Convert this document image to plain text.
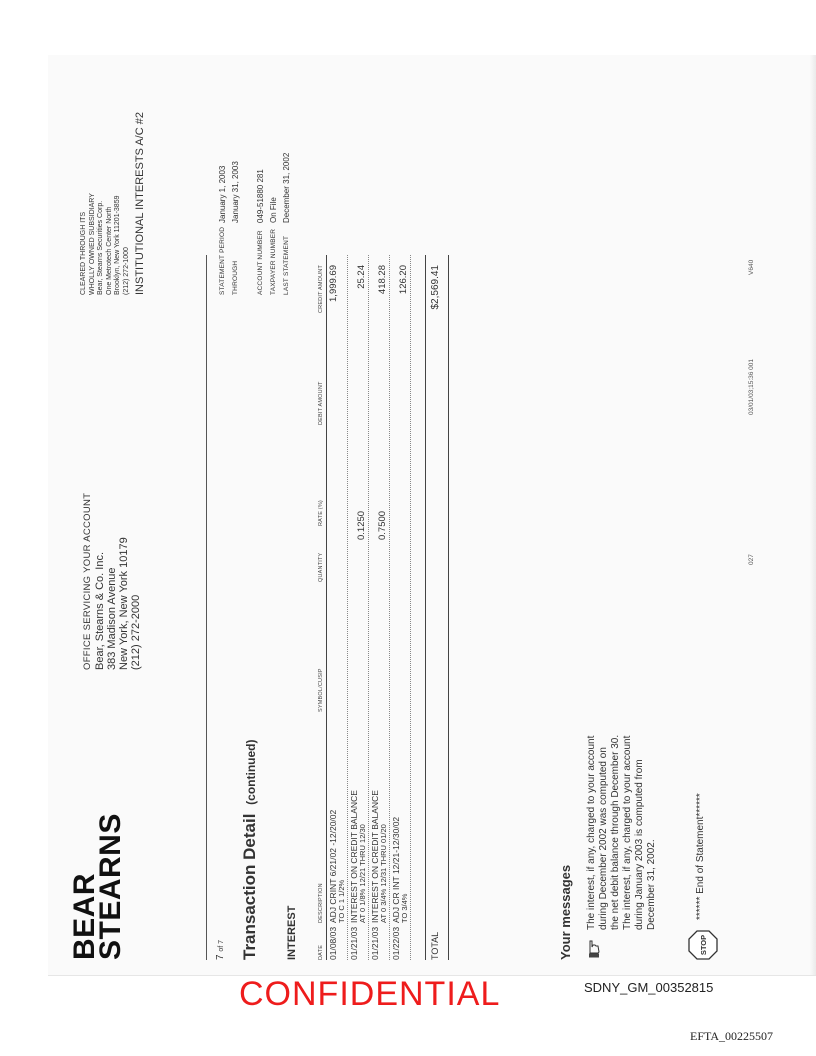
BEAR
STEARNS
OFFICE SERVICING YOUR ACCOUNT Bear, Stearns & Co. Inc. 383 Madison Avenue New York, New York 10179 (212) 272-2000
CLEARED THROUGH ITS WHOLLY OWNED SUBSIDIARY Bear, Stearns Securities Corp. One Metrotech Center North Brooklyn, New York 11201-3859 (212) 272-1000 INSTITUTIONAL INTERESTS A/C #2
7 of 7 Transaction Detail (continued)
STATEMENT PERIOD
January 1, 2003
THROUGH
January 31, 2003
ACCOUNT NUMBER
049-51880 281
TAXPAYER NUMBER
On File
LAST STATEMENT
December 31, 2002
INTEREST	DATE
DESCRIPTION
SYMBOL/CUSIP
QUANTITY
RATE (%)
DEBIT AMOUNT
CREDIT AMOUNT
01/08/03
ADJ CRINT 6/21/02 -12/20/02 TO C 1 1/2%
1,999.69
01/21/03
INTEREST ON CREDIT BALANCE AT 0 1/8% 12/21 THRU 12/30
0.1250
25.24
01/21/03
INTEREST ON CREDIT BALANCE AT 0 3/4% 12/31 THRU 01/20
0.7500
418.28
01/22/03
ADJ CR INT 12/21-12/30/02 TO 3/4%
126.20
TOTAL
$2,569.41
Your messages The interest, if any, charged to your account during December 2002 was computed on the net debit balance through December 30. The interest, if any, charged to your account during January 2003 is computed from December 31, 2002.
STOP
****** End of Statement******
027
03/01/03;15:36 001
V640
CONFIDENTIAL	SDNY_GM_00352815
EFTA_00225507
